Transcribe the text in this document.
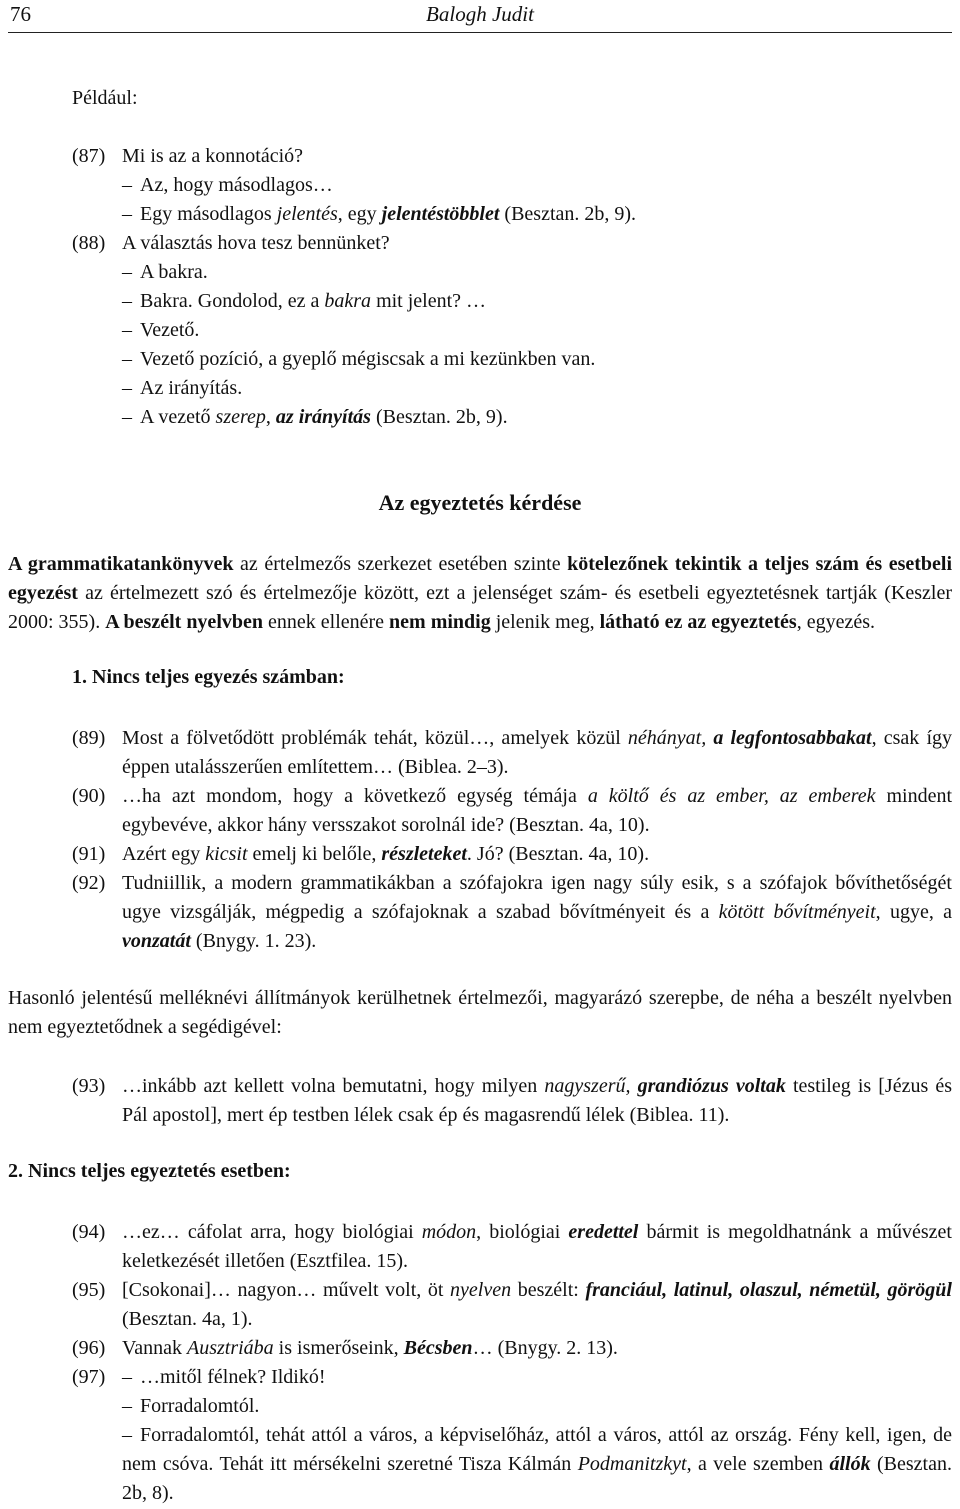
76	Balogh Judit
Például:
(87) Mi is az a konnotáció?
– Az, hogy másodlagos…
– Egy másodlagos jelentés, egy jelentéstöbblet (Besztan. 2b, 9).
(88) A választás hova tesz bennünket?
– A bakra.
– Bakra. Gondolod, ez a bakra mit jelent? …
– Vezető.
– Vezető pozíció, a gyeplő mégiscsak a mi kezünkben van.
– Az irányítás.
– A vezető szerep, az irányítás (Besztan. 2b, 9).
Az egyeztetés kérdése
A grammatikatankönyvek az értelmezős szerkezet esetében szinte kötelezőnek tekintik a teljes szám és esetbeli egyezést az értelmezett szó és értelmezője között, ezt a jelenséget szám- és esetbeli egyeztetésnek tartják (Keszler 2000: 355). A beszélt nyelvben ennek ellenére nem mindig jelenik meg, látható ez az egyeztetés, egyezés.
1. Nincs teljes egyezés számban:
(89) Most a fölvetődött problémák tehát, közül…, amelyek közül néhányat, a legfontosabbakat, csak így éppen utalásszerűen említettem… (Biblea. 2–3).
(90) …ha azt mondom, hogy a következő egység témája a költő és az ember, az emberek mindent egybevéve, akkor hány versszakot sorolnál ide? (Besztan. 4a, 10).
(91) Azért egy kicsit emelj ki belőle, részleteket. Jó? (Besztan. 4a, 10).
(92) Tudniillik, a modern grammatikákban a szófajokra igen nagy súly esik, s a szófajok bővíthetőségét ugye vizsgálják, mégpedig a szófajoknak a szabad bővítményeit és a kötött bővítményeit, ugye, a vonzatát (Bnygy. 1. 23).
Hasonló jelentésű melléknévi állítmányok kerülhetnek értelmezői, magyarázó szerepbe, de néha a beszélt nyelvben nem egyeztetődnek a segédigével:
(93) …inkább azt kellett volna bemutatni, hogy milyen nagyszerű, grandiózus voltak testileg is [Jézus és Pál apostol], mert ép testben lélek csak ép és magasrendű lélek (Biblea. 11).
2. Nincs teljes egyeztetés esetben:
(94) …ez… cáfolat arra, hogy biológiai módon, biológiai eredettel bármit is megoldhatnánk a művészet keletkezését illetően (Esztfilea. 15).
(95) [Csokonai]… nagyon… művelt volt, öt nyelven beszélt: franciául, latinul, olaszul, németül, görögül (Besztan. 4a, 1).
(96) Vannak Ausztriába is ismerőseink, Bécsben… (Bnygy. 2. 13).
(97) – …mitől félnek? Ildikó!
– Forradalomtól.
– Forradalomtól, tehát attól a város, a képviselőház, attól a város, attól az ország. Fény kell, igen, de nem csóva. Tehát itt mérsékelni szeretné Tisza Kálmán Podmanitzkyt, a vele szemben állók (Besztan. 2b, 8).
